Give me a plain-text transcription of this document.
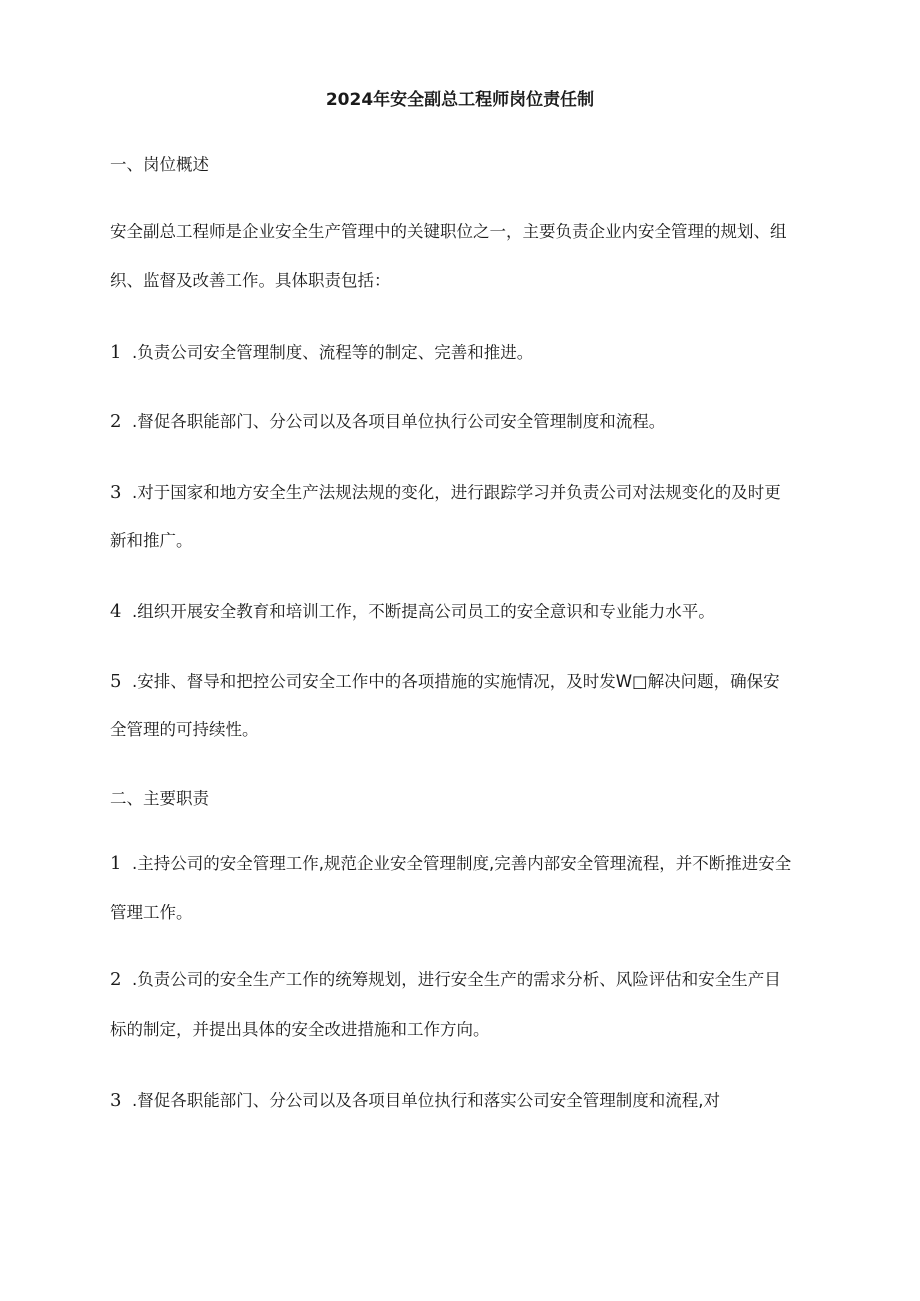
2024年安全副总工程师岗位责任制
一、岗位概述
安全副总工程师是企业安全生产管理中的关键职位之一，主要负责企业内安全管理的规划、组
织、监督及改善工作。具体职责包括：
1 .负责公司安全管理制度、流程等的制定、完善和推进。
2 .督促各职能部门、分公司以及各项目单位执行公司安全管理制度和流程。
3 .对于国家和地方安全生产法规法规的变化，进行跟踪学习并负责公司对法规变化的及时更
新和推广。
4 .组织开展安全教育和培训工作，不断提高公司员工的安全意识和专业能力水平。
5 .安排、督导和把控公司安全工作中的各项措施的实施情况，及时发W□解决问题，确保安
全管理的可持续性。
二、主要职责
1 .主持公司的安全管理工作,规范企业安全管理制度,完善内部安全管理流程，并不断推进安全
管理工作。
2 .负责公司的安全生产工作的统筹规划，进行安全生产的需求分析、风险评估和安全生产目
标的制定，并提出具体的安全改进措施和工作方向。
3 .督促各职能部门、分公司以及各项目单位执行和落实公司安全管理制度和流程,对
